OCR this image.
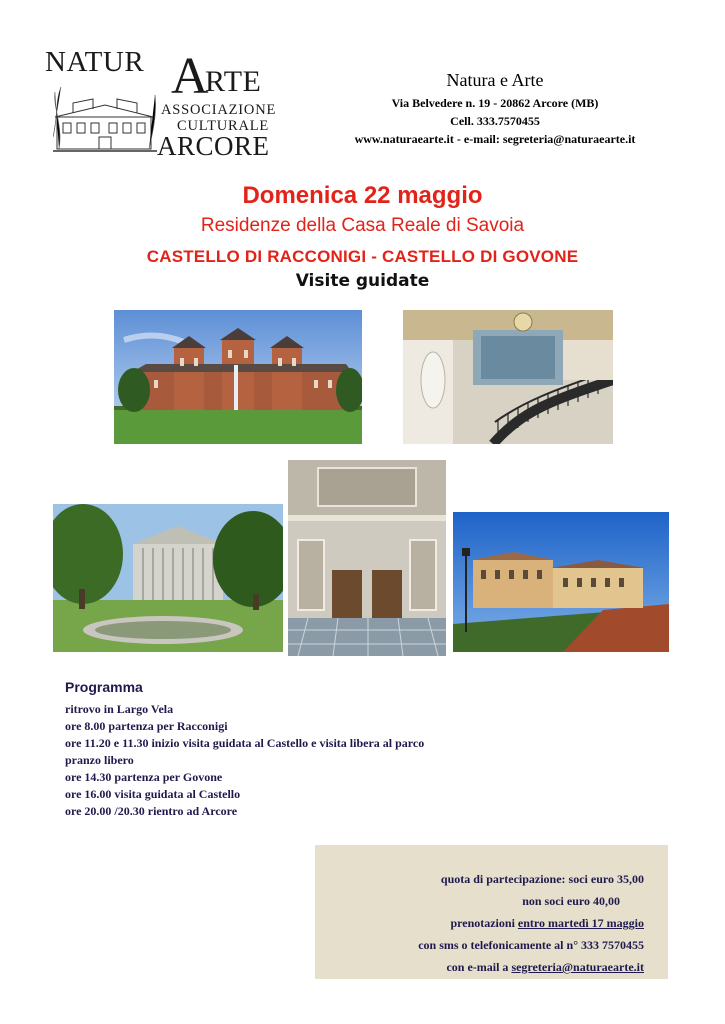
NATUR A
RTE
ASSOCIAZIONE
CULTURALE
ARCORE
Natura e Arte
Via Belvedere n. 19 - 20862 Arcore (MB)
Cell. 333.7570455
www.naturaearte.it - e-mail: segreteria@naturaearte.it
Domenica 22 maggio
Residenze della Casa Reale di Savoia
CASTELLO DI RACCONIGI - CASTELLO DI GOVONE
Visite guidate
Programma
ritrovo in Largo Vela
ore 8.00 partenza per Racconigi
ore 11.20 e 11.30 inizio visita guidata al Castello e visita libera al parco
pranzo libero
ore 14.30 partenza per Govone
ore 16.00 visita guidata al Castello
ore 20.00 /20.30 rientro ad Arcore
quota di partecipazione: soci euro 35,00
non soci euro 40,00
prenotazioni entro martedì 17 maggio
con sms o telefonicamente al n° 333 7570455
con e-mail a segreteria@naturaearte.it
